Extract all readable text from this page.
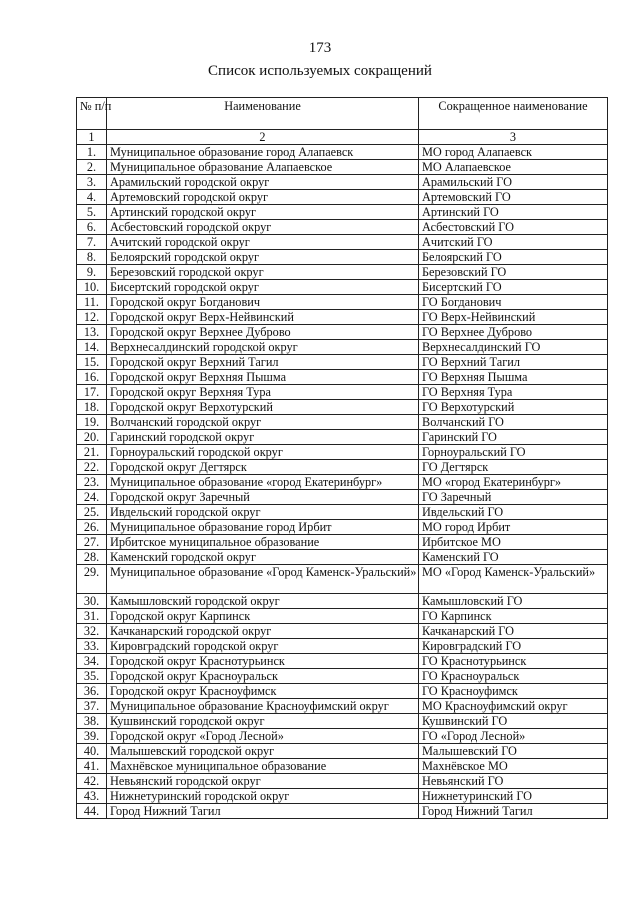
173
Список используемых сокращений
№ п/п	Наименование	Сокращенное наименование
1	2	3
1.	Муниципальное образование город Алапаевск	МО город Алапаевск
2.	Муниципальное образование Алапаевское	МО Алапаевское
3.	Арамильский городской округ	Арамильский ГО
4.	Артемовский городской округ	Артемовский ГО
5.	Артинский городской округ	Артинский ГО
6.	Асбестовский городской округ	Асбестовский ГО
7.	Ачитский городской округ	Ачитский ГО
8.	Белоярский городской округ	Белоярский ГО
9.	Березовский городской округ	Березовский ГО
10.	Бисертский городской округ	Бисертский ГО
11.	Городской округ Богданович	ГО Богданович
12.	Городской округ Верх-Нейвинский	ГО Верх-Нейвинский
13.	Городской округ Верхнее Дуброво	ГО Верхнее Дуброво
14.	Верхнесалдинский городской округ	Верхнесалдинский ГО
15.	Городской округ Верхний Тагил	ГО Верхний Тагил
16.	Городской округ Верхняя Пышма	ГО Верхняя Пышма
17.	Городской округ Верхняя Тура	ГО Верхняя Тура
18.	Городской округ Верхотурский	ГО Верхотурский
19.	Волчанский городской округ	Волчанский ГО
20.	Гаринский городской округ	Гаринский ГО
21.	Горноуральский городской округ	Горноуральский ГО
22.	Городской округ Дегтярск	ГО Дегтярск
23.	Муниципальное образование «город Екатеринбург»	МО «город Екатеринбург»
24.	Городской округ Заречный	ГО Заречный
25.	Ивдельский городской округ	Ивдельский ГО
26.	Муниципальное образование город Ирбит	МО город Ирбит
27.	Ирбитское муниципальное образование	Ирбитское МО
28.	Каменский городской округ	Каменский ГО
29.	Муниципальное образование «Город Каменск-Уральский»	МО «Город Каменск-Уральский»
30.	Камышловский городской округ	Камышловский ГО
31.	Городской округ Карпинск	ГО Карпинск
32.	Качканарский городской округ	Качканарский ГО
33.	Кировградский городской округ	Кировградский ГО
34.	Городской округ Краснотурьинск	ГО Краснотурьинск
35.	Городской округ Красноуральск	ГО Красноуральск
36.	Городской округ Красноуфимск	ГО Красноуфимск
37.	Муниципальное образование Красноуфимский округ	МО Красноуфимский округ
38.	Кушвинский городской округ	Кушвинский ГО
39.	Городской округ «Город Лесной»	ГО «Город Лесной»
40.	Малышевский городской округ	Малышевский ГО
41.	Махнёвское муниципальное образование	Махнёвское МО
42.	Невьянский городской округ	Невьянский ГО
43.	Нижнетуринский городской округ	Нижнетуринский ГО
44.	Город Нижний Тагил	Город Нижний Тагил
